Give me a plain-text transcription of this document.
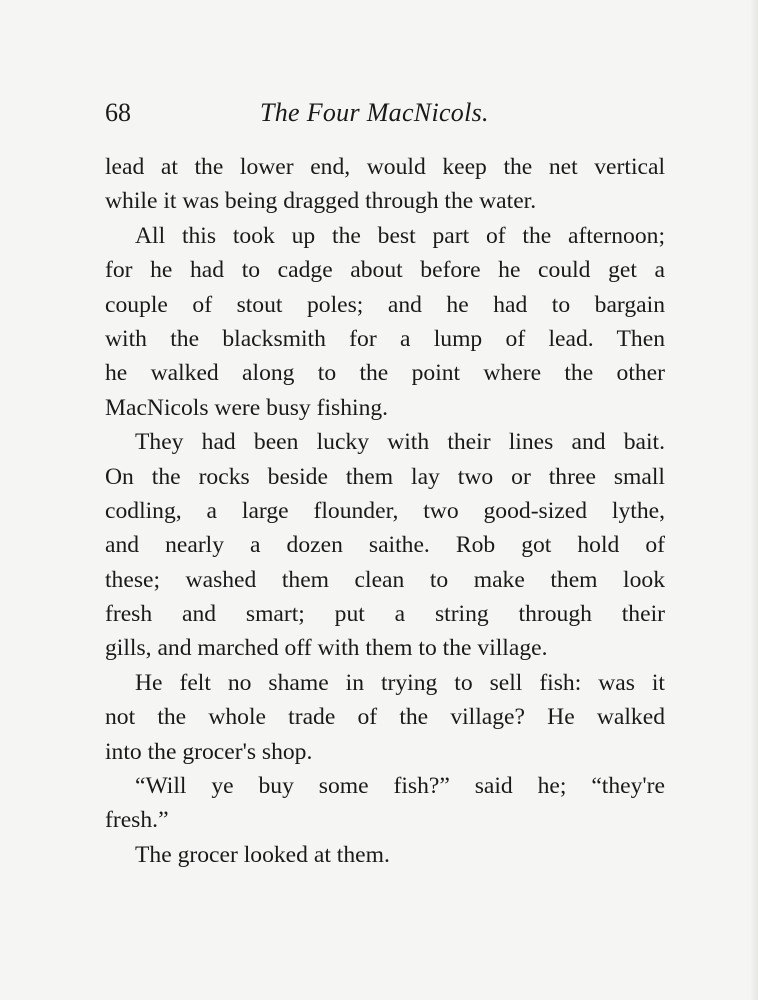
68	The Four MacNicols.
lead at the lower end, would keep the net vertical
while it was being dragged through the water.
All this took up the best part of the afternoon;
for he had to cadge about before he could get a
couple of stout poles; and he had to bargain
with the blacksmith for a lump of lead. Then
he walked along to the point where the other
MacNicols were busy fishing.
They had been lucky with their lines and bait.
On the rocks beside them lay two or three small
codling, a large flounder, two good-sized lythe,
and nearly a dozen saithe. Rob got hold of
these; washed them clean to make them look
fresh and smart; put a string through their
gills, and marched off with them to the village.
He felt no shame in trying to sell fish: was it
not the whole trade of the village? He walked
into the grocer's shop.
“Will ye buy some fish?” said he; “they're
fresh.”
The grocer looked at them.
